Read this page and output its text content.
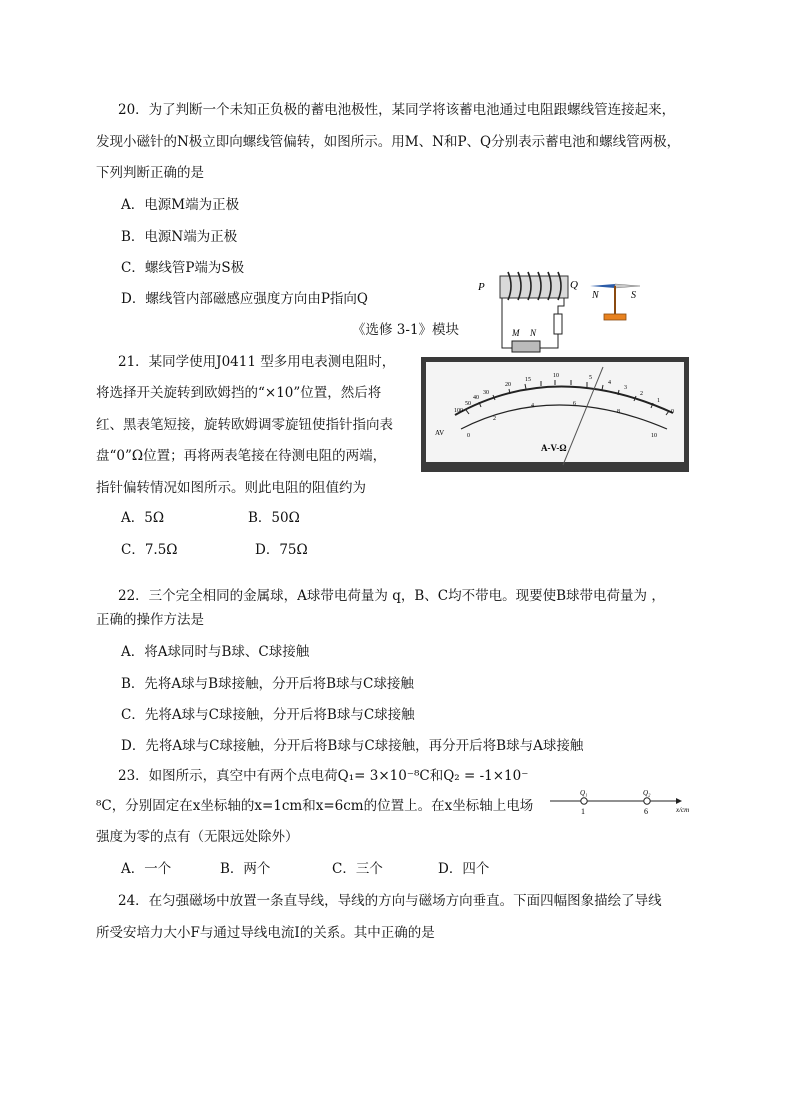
20．为了判断一个未知正负极的蓄电池极性，某同学将该蓄电池通过电阻跟螺线管连接起来，
发现小磁针的N极立即向螺线管偏转，如图所示。用M、N和P、Q分别表示蓄电池和螺线管两极，
下列判断正确的是
A．电源M端为正极
B．电源N端为正极
C．螺线管P端为S极
D．螺线管内部磁感应强度方向由P指向Q
P	Q
M N
N	S
《选修 3-1》模块
21．某同学使用J0411 型多用电表测电阻时，
将选择开关旋转到欧姆挡的“×10”位置，然后将
红、黑表笔短接，旋转欧姆调零旋钮使指针指向表
盘“0”Ω位置；再将两表笔接在待测电阻的两端，
指针偏转情况如图所示。则此电阻的阻值约为
A．5Ω	B．50Ω
C．7.5Ω	D．75Ω
100
50
40
30
20
15
10	5
4
3
2
1
0
0
2
4	6
8
10
AV
A-V-Ω
22．三个完全相同的金属球，A球带电荷量为 q，B、C均不带电。现要使B球带电荷量为 ，
正确的操作方法是
A．将A球同时与B球、C球接触
B．先将A球与B球接触，分开后将B球与C球接触
C．先将A球与C球接触，分开后将B球与C球接触
D．先将A球与C球接触，分开后将B球与C球接触，再分开后将B球与A球接触
23．如图所示，真空中有两个点电荷Q₁= 3×10⁻⁸C和Q₂ = -1×10⁻
⁸C，分别固定在x坐标轴的x=1cm和x=6cm的位置上。在x坐标轴上电场
强度为零的点有（无限远处除外）
A．一个	B．两个	C．三个	D．四个
Q₁	Q₂
1	6	x/cm
24．在匀强磁场中放置一条直导线，导线的方向与磁场方向垂直。下面四幅图象描绘了导线
所受安培力大小F与通过导线电流I的关系。其中正确的是
